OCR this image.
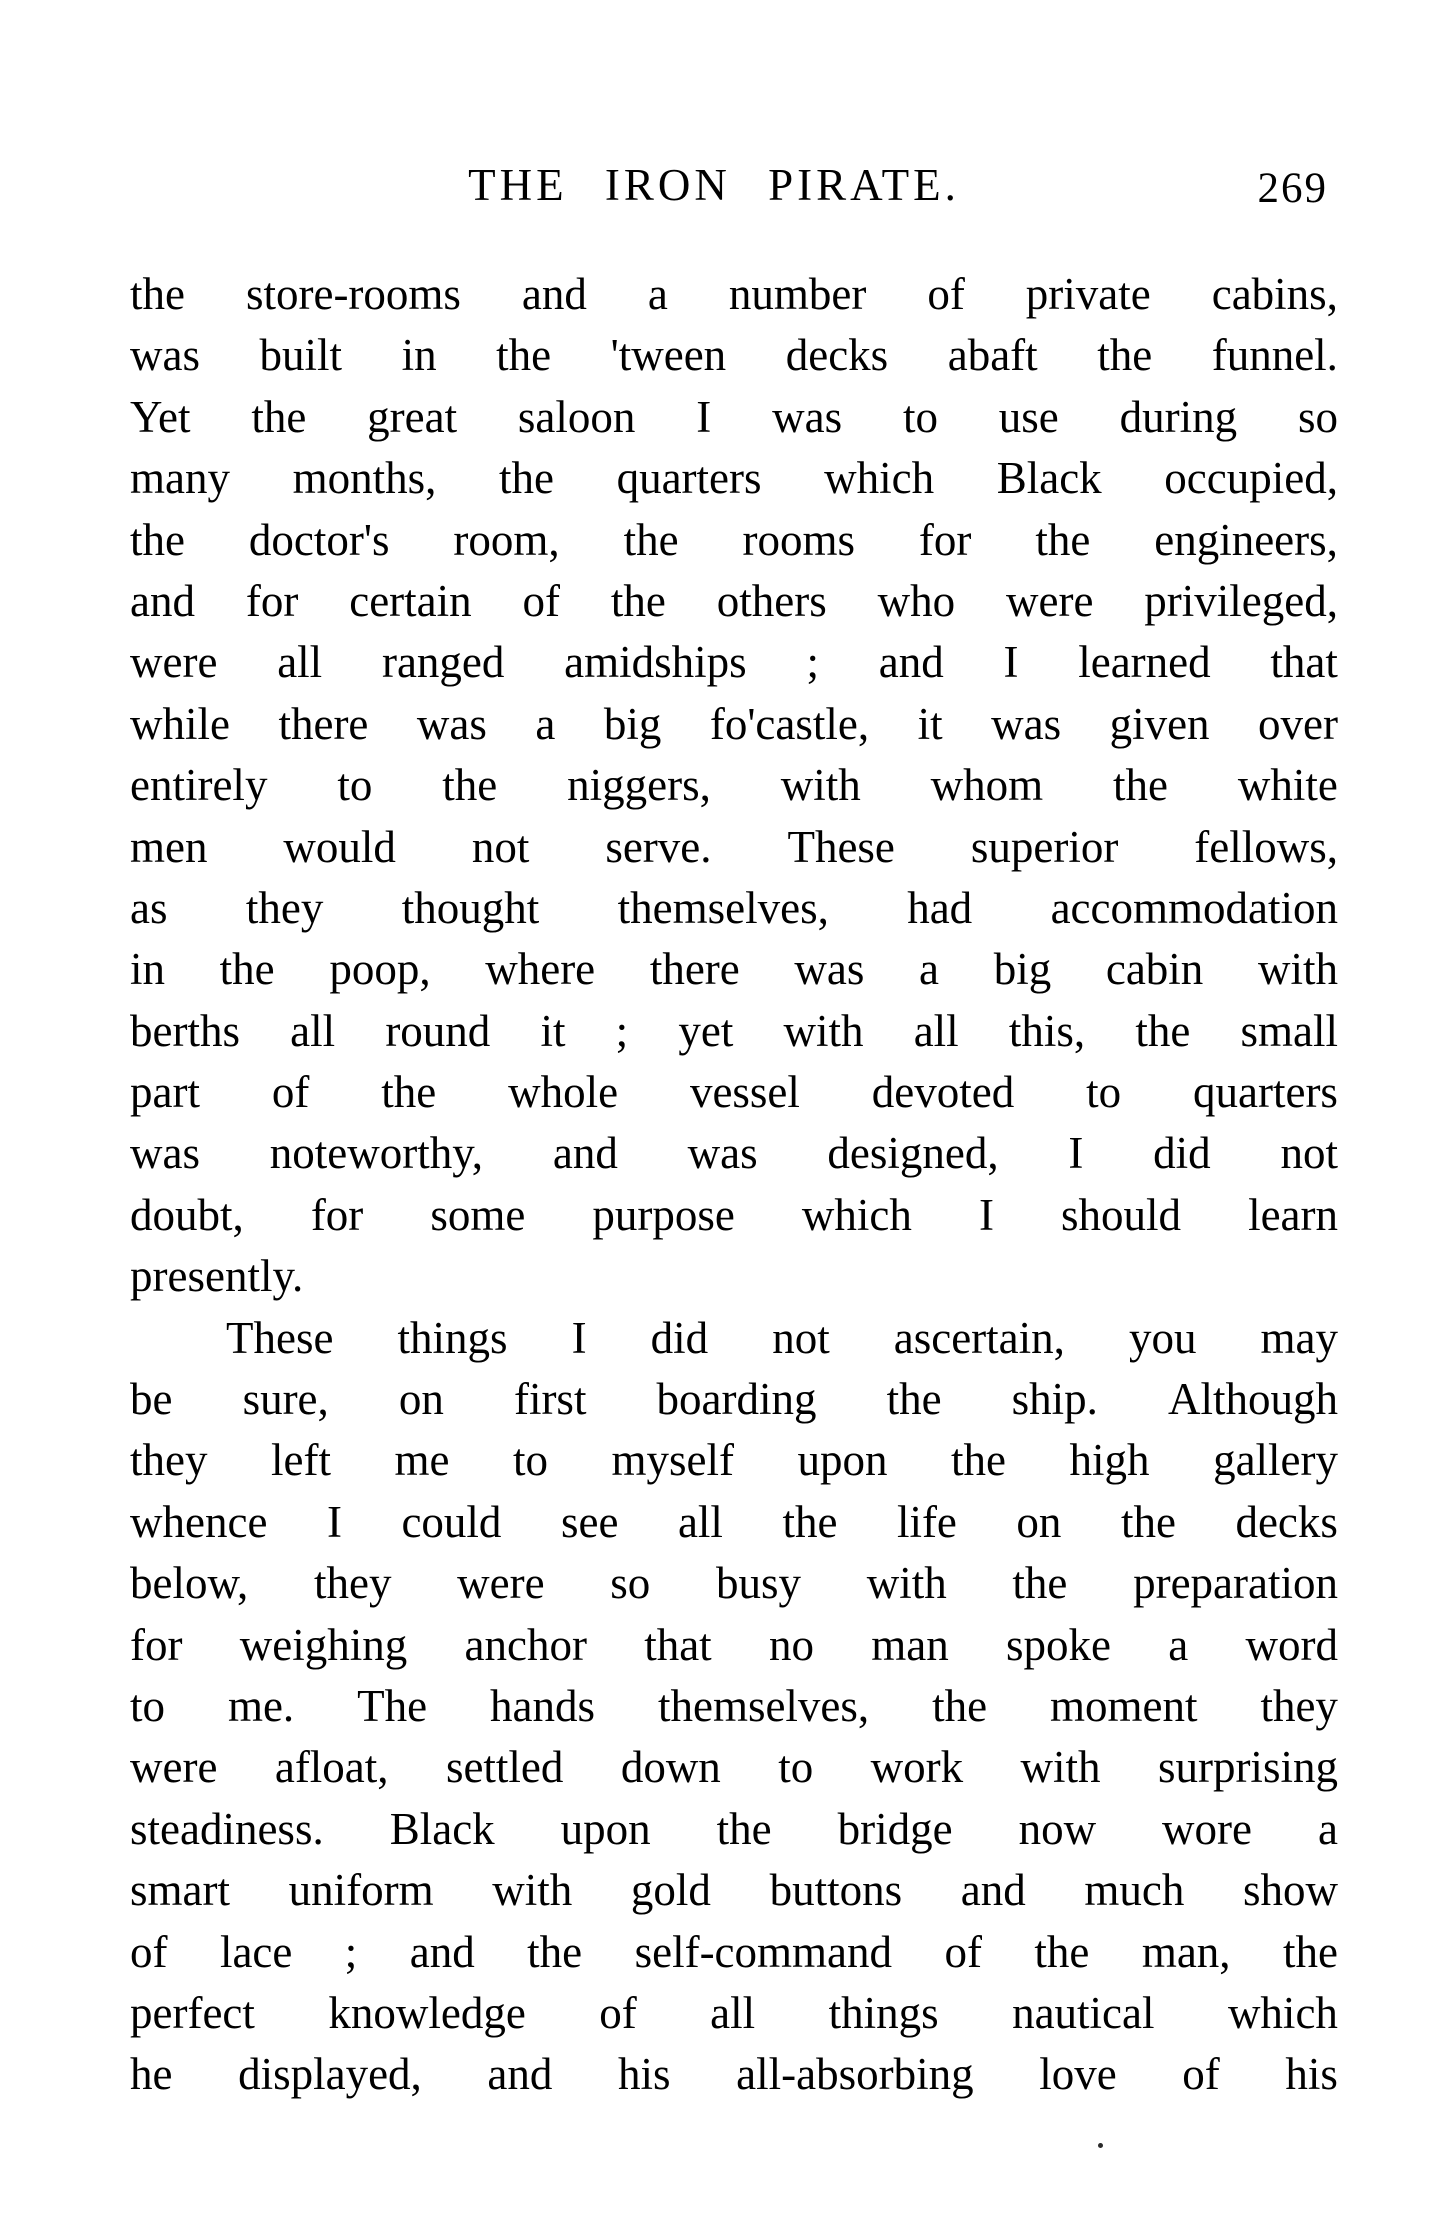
THE IRON PIRATE.	269
the store-rooms and a number of private cabins,
was built in the 'tween decks abaft the funnel.
Yet the great saloon I was to use during so
many months, the quarters which Black occupied,
the doctor's room, the rooms for the engineers,
and for certain of the others who were privileged,
were all ranged amidships ; and I learned that
while there was a big fo'castle, it was given over
entirely to the niggers, with whom the white
men would not serve. These superior fellows,
as they thought themselves, had accommodation
in the poop, where there was a big cabin with
berths all round it ; yet with all this, the small
part of the whole vessel devoted to quarters
was noteworthy, and was designed, I did not
doubt, for some purpose which I should learn
presently.
These things I did not ascertain, you may
be sure, on first boarding the ship. Although
they left me to myself upon the high gallery
whence I could see all the life on the decks
below, they were so busy with the preparation
for weighing anchor that no man spoke a word
to me. The hands themselves, the moment they
were afloat, settled down to work with surprising
steadiness. Black upon the bridge now wore a
smart uniform with gold buttons and much show
of lace ; and the self-command of the man, the
perfect knowledge of all things nautical which
he displayed, and his all-absorbing love of his
